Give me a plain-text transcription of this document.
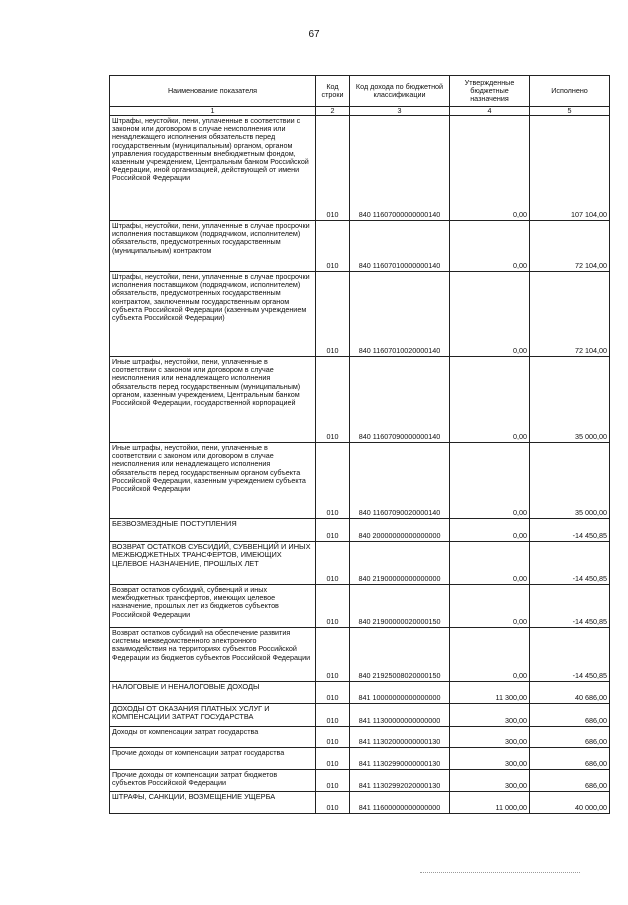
67
Наименование показателя	Код строки	Код дохода по бюджетной классификации	Утвержденные бюджетные назначения	Исполнено
1	2	3	4	5
Штрафы, неустойки, пени, уплаченные в соответствии с законом или договором в случае неисполнения или ненадлежащего исполнения обязательств перед государственным (муниципальным) органом, органом управления государственным внебюджетным фондом, казенным учреждением, Центральным банком Российской Федерации, иной организацией, действующей от имени Российской Федерации	010	840 11607000000000140	0,00	107 104,00
Штрафы, неустойки, пени, уплаченные в случае просрочки исполнения поставщиком (подрядчиком, исполнителем) обязательств, предусмотренных государственным (муниципальным) контрактом	010	840 11607010000000140	0,00	72 104,00
Штрафы, неустойки, пени, уплаченные в случае просрочки исполнения поставщиком (подрядчиком, исполнителем) обязательств, предусмотренных государственным контрактом, заключенным государственным органом субъекта Российской Федерации (казенным учреждением субъекта Российской Федерации)	010	840 11607010020000140	0,00	72 104,00
Иные штрафы, неустойки, пени, уплаченные в соответствии с законом или договором в случае неисполнения или ненадлежащего исполнения обязательств перед государственным (муниципальным) органом, казенным учреждением, Центральным банком Российской Федерации, государственной корпорацией	010	840 11607090000000140	0,00	35 000,00
Иные штрафы, неустойки, пени, уплаченные в соответствии с законом или договором в случае неисполнения или ненадлежащего исполнения обязательств перед государственным органом субъекта Российской Федерации, казенным учреждением субъекта Российской Федерации	010	840 11607090020000140	0,00	35 000,00
БЕЗВОЗМЕЗДНЫЕ ПОСТУПЛЕНИЯ	010	840 20000000000000000	0,00	-14 450,85
ВОЗВРАТ ОСТАТКОВ СУБСИДИЙ, СУБВЕНЦИЙ И ИНЫХ МЕЖБЮДЖЕТНЫХ ТРАНСФЕРТОВ, ИМЕЮЩИХ ЦЕЛЕВОЕ НАЗНАЧЕНИЕ, ПРОШЛЫХ ЛЕТ	010	840 21900000000000000	0,00	-14 450,85
Возврат остатков субсидий, субвенций и иных межбюджетных трансфертов, имеющих целевое назначение, прошлых лет из бюджетов субъектов Российской Федерации	010	840 21900000020000150	0,00	-14 450,85
Возврат остатков субсидий на обеспечение развития системы межведомственного электронного взаимодействия на территориях субъектов Российской Федерации из бюджетов субъектов Российской Федерации	010	840 21925008020000150	0,00	-14 450,85
НАЛОГОВЫЕ И НЕНАЛОГОВЫЕ ДОХОДЫ	010	841 10000000000000000	11 300,00	40 686,00
ДОХОДЫ ОТ ОКАЗАНИЯ ПЛАТНЫХ УСЛУГ И КОМПЕНСАЦИИ ЗАТРАТ ГОСУДАРСТВА	010	841 11300000000000000	300,00	686,00
Доходы от компенсации затрат государства	010	841 11302000000000130	300,00	686,00
Прочие доходы от компенсации затрат государства	010	841 11302990000000130	300,00	686,00
Прочие доходы от компенсации затрат бюджетов субъектов Российской Федерации	010	841 11302992020000130	300,00	686,00
ШТРАФЫ, САНКЦИИ, ВОЗМЕЩЕНИЕ УЩЕРБА	010	841 11600000000000000	11 000,00	40 000,00
